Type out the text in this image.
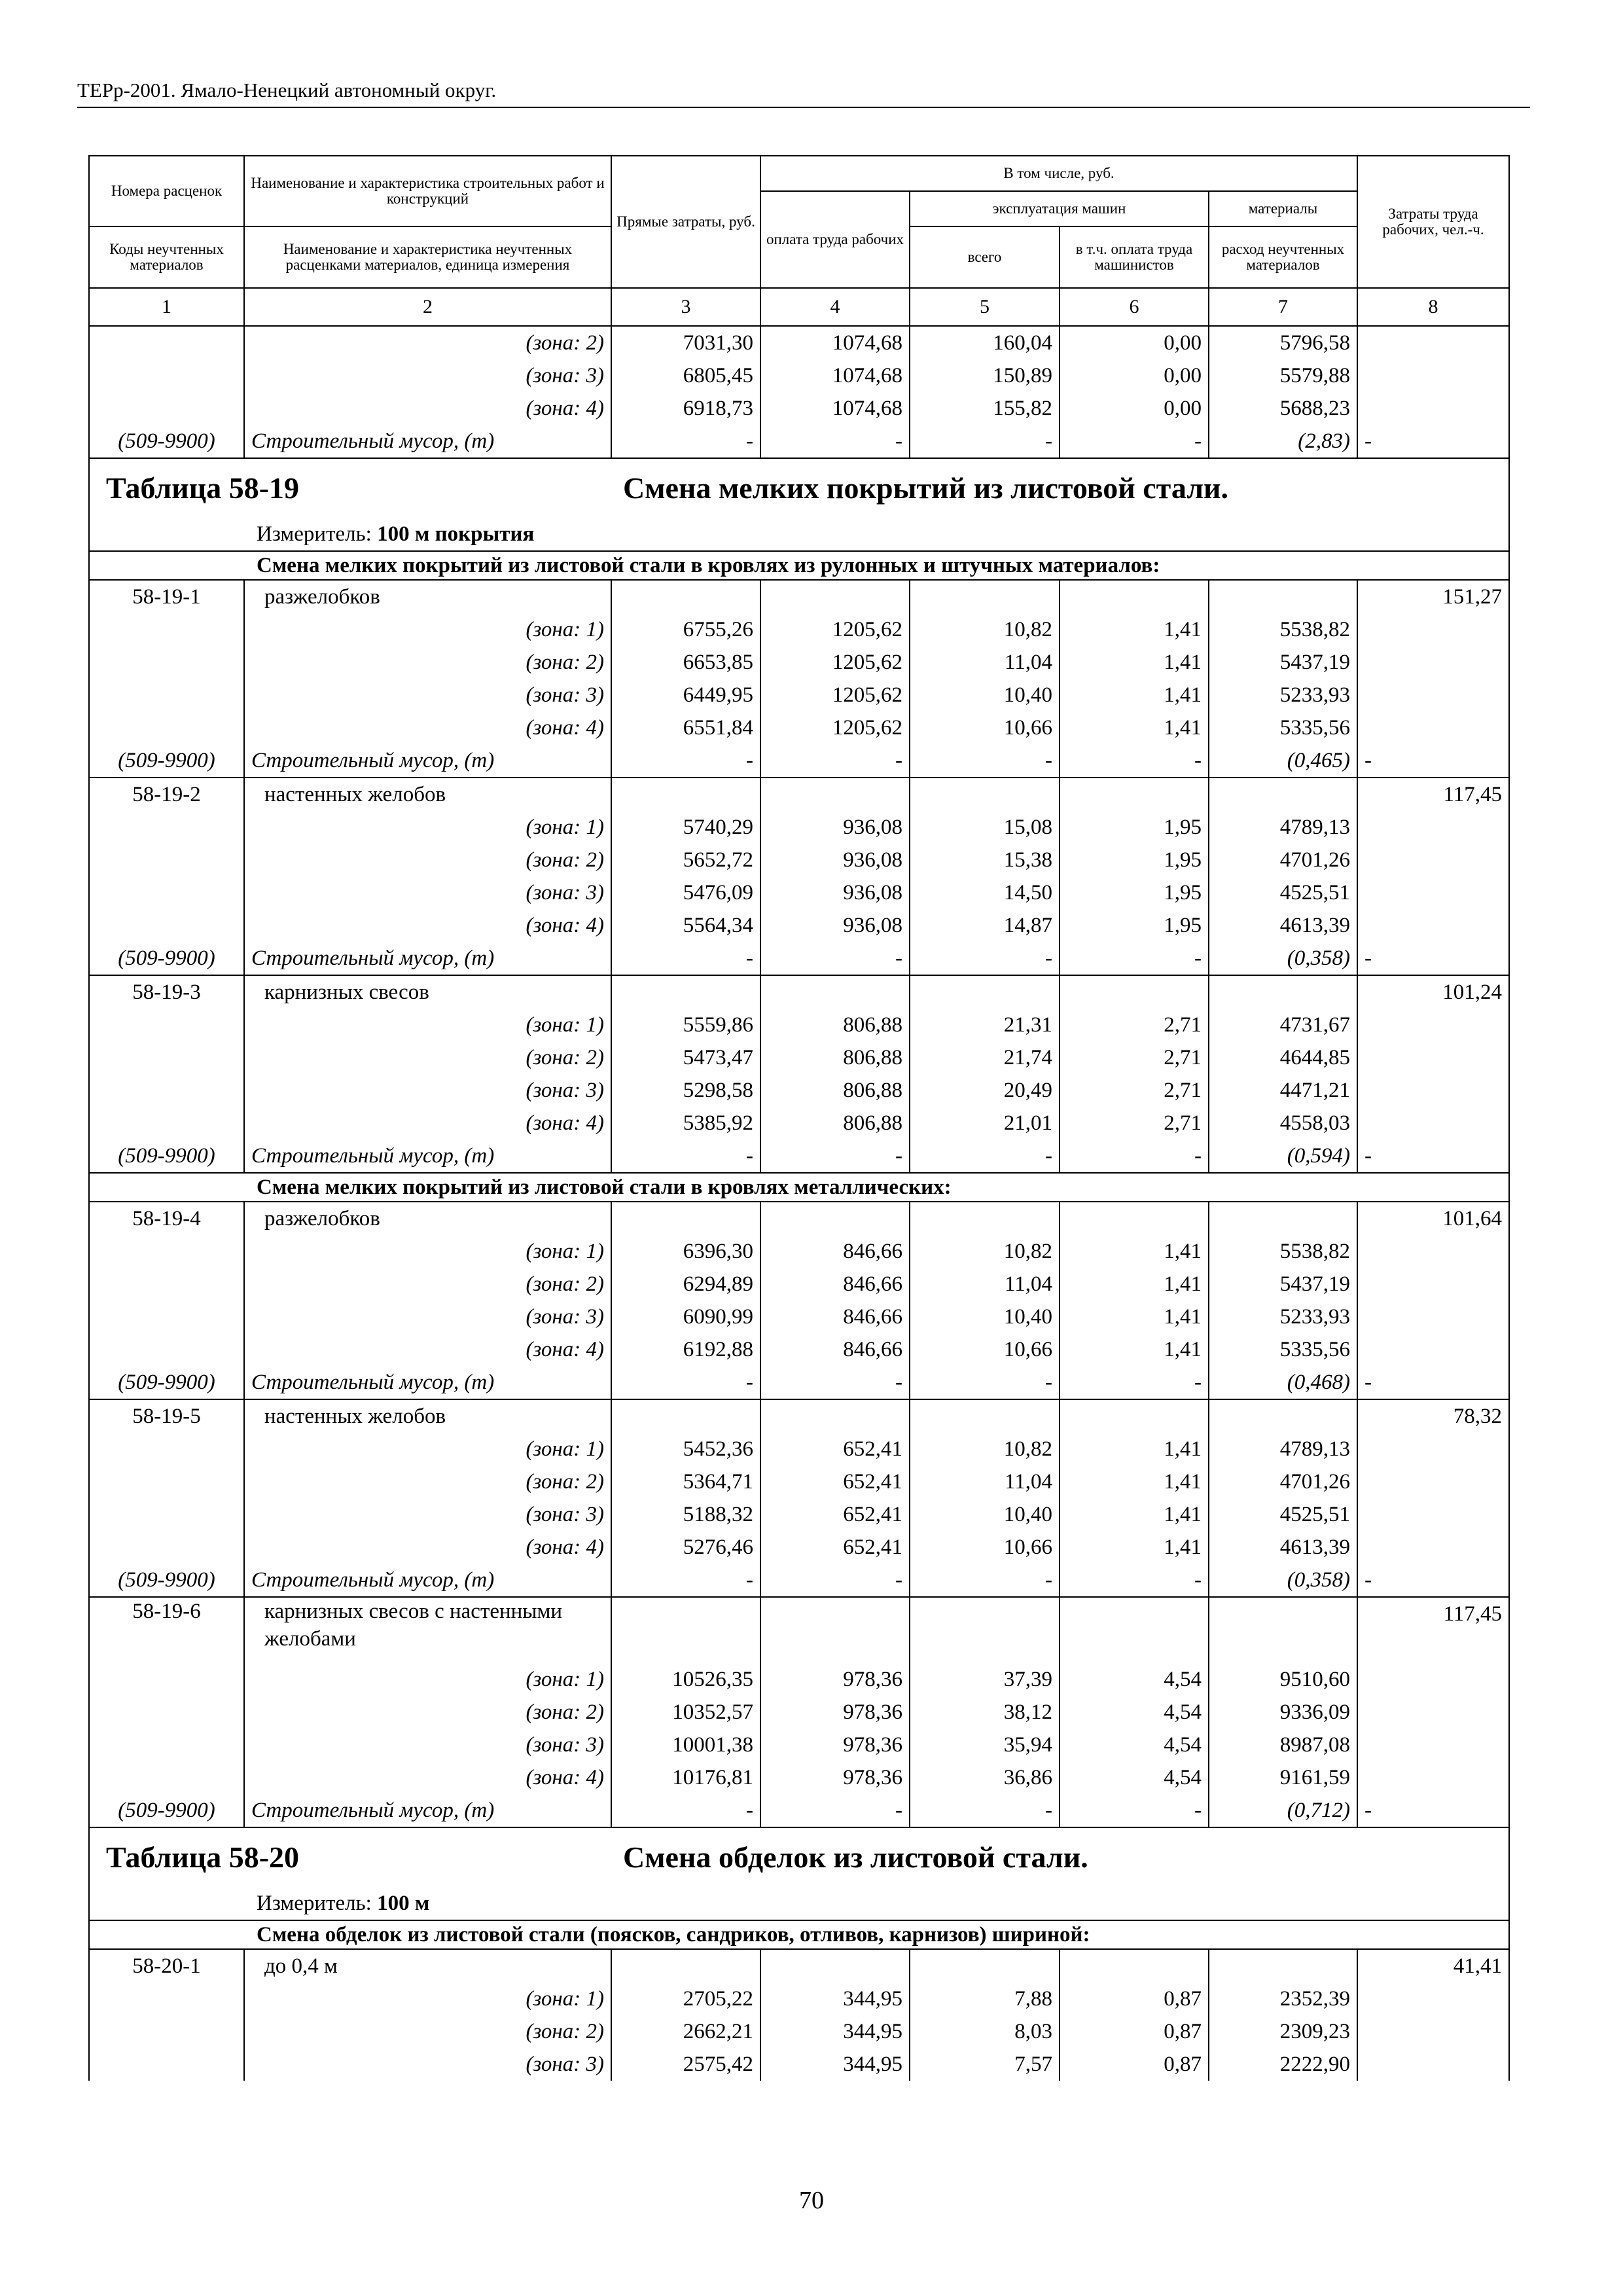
ТЕРр-2001. Ямало-Ненецкий автономный округ.
Номера расценок	Наименование и характеристика строительных работ и конструкций	Прямые затраты, руб.	В том числе, руб.				Затраты труда рабочих, чел.-ч.
			оплата труда рабочих	эксплуатация машин		материалы	
Коды неучтенных материалов	Наименование и характеристика неучтенных расценками материалов, единица измерения			всего	в т.ч. оплата труда машинистов	расход неучтенных материалов	

1	2	3	4	5	6	7	8
	(зона: 2)	7031,30	1074,68	160,04	0,00	5796,58	
	(зона: 3)	6805,45	1074,68	150,89	0,00	5579,88	
	(зона: 4)	6918,73	1074,68	155,82	0,00	5688,23	
(509-9900)	Строительный мусор, (т)	-	-	-	-	(2,83)	-
Таблица 58-19 Смена мелких покрытий из листовой стали.							
Измеритель: 100 м покрытия							
Смена мелких покрытий из листовой стали в кровлях из рулонных и штучных материалов:							
58-19-1	разжелобков						151,27
	(зона: 1)	6755,26	1205,62	10,82	1,41	5538,82	
	(зона: 2)	6653,85	1205,62	11,04	1,41	5437,19	
	(зона: 3)	6449,95	1205,62	10,40	1,41	5233,93	
	(зона: 4)	6551,84	1205,62	10,66	1,41	5335,56	
(509-9900)	Строительный мусор, (т)	-	-	-	-	(0,465)	-
58-19-2	настенных желобов						117,45
	(зона: 1)	5740,29	936,08	15,08	1,95	4789,13	
	(зона: 2)	5652,72	936,08	15,38	1,95	4701,26	
	(зона: 3)	5476,09	936,08	14,50	1,95	4525,51	
	(зона: 4)	5564,34	936,08	14,87	1,95	4613,39	
(509-9900)	Строительный мусор, (т)	-	-	-	-	(0,358)	-
58-19-3	карнизных свесов						101,24
	(зона: 1)	5559,86	806,88	21,31	2,71	4731,67	
	(зона: 2)	5473,47	806,88	21,74	2,71	4644,85	
	(зона: 3)	5298,58	806,88	20,49	2,71	4471,21	
	(зона: 4)	5385,92	806,88	21,01	2,71	4558,03	
(509-9900)	Строительный мусор, (т)	-	-	-	-	(0,594)	-
Смена мелких покрытий из листовой стали в кровлях металлических:							
58-19-4	разжелобков						101,64
	(зона: 1)	6396,30	846,66	10,82	1,41	5538,82	
	(зона: 2)	6294,89	846,66	11,04	1,41	5437,19	
	(зона: 3)	6090,99	846,66	10,40	1,41	5233,93	
	(зона: 4)	6192,88	846,66	10,66	1,41	5335,56	
(509-9900)	Строительный мусор, (т)	-	-	-	-	(0,468)	-
58-19-5	настенных желобов						78,32
	(зона: 1)	5452,36	652,41	10,82	1,41	4789,13	
	(зона: 2)	5364,71	652,41	11,04	1,41	4701,26	
	(зона: 3)	5188,32	652,41	10,40	1,41	4525,51	
	(зона: 4)	5276,46	652,41	10,66	1,41	4613,39	
(509-9900)	Строительный мусор, (т)	-	-	-	-	(0,358)	-
58-19-6	карнизных свесов с настенными желобами						117,45
	(зона: 1)	10526,35	978,36	37,39	4,54	9510,60	
	(зона: 2)	10352,57	978,36	38,12	4,54	9336,09	
	(зона: 3)	10001,38	978,36	35,94	4,54	8987,08	
	(зона: 4)	10176,81	978,36	36,86	4,54	9161,59	
(509-9900)	Строительный мусор, (т)	-	-	-	-	(0,712)	-
Таблица 58-20 Смена обделок из листовой стали.							
Измеритель: 100 м							
Смена обделок из листовой стали (поясков, сандриков, отливов, карнизов) шириной:							
58-20-1	до 0,4 м						41,41
	(зона: 1)	2705,22	344,95	7,88	0,87	2352,39	
	(зона: 2)	2662,21	344,95	8,03	0,87	2309,23	
	(зона: 3)	2575,42	344,95	7,57	0,87	2222,90	
70
